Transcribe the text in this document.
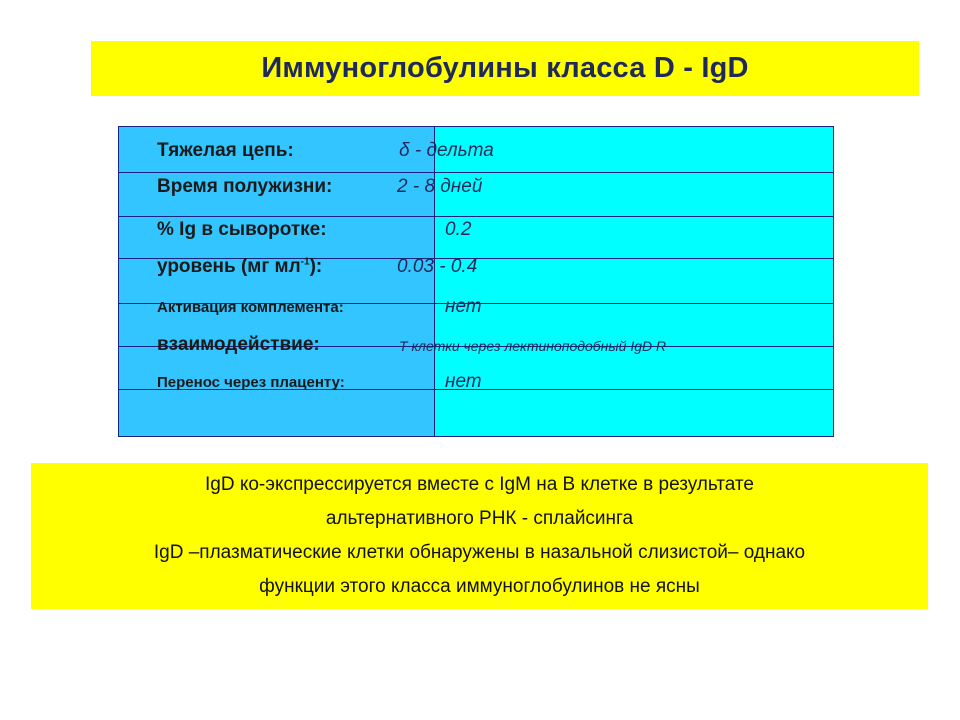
Иммуноглобулины класса D - IgD
Тяжелая цепь:	δ - дельта
Время полужизни:	2 - 8 дней
% Ig в сыворотке:	0.2
уровень (мг $мл^{-1}$):	0.03 - 0.4
Активация комплемента:	нет
взаимодействие:	Т клетки через лектиноподобный IgD R
Перенос через плаценту:	нет
IgD ко-экспрессируется вместе с IgM на В клетке в результате
альтернативного РНК - сплайсинга
IgD –плазматические клетки обнаружены в назальной слизистой– однако
функции этого класса иммуноглобулинов не ясны
